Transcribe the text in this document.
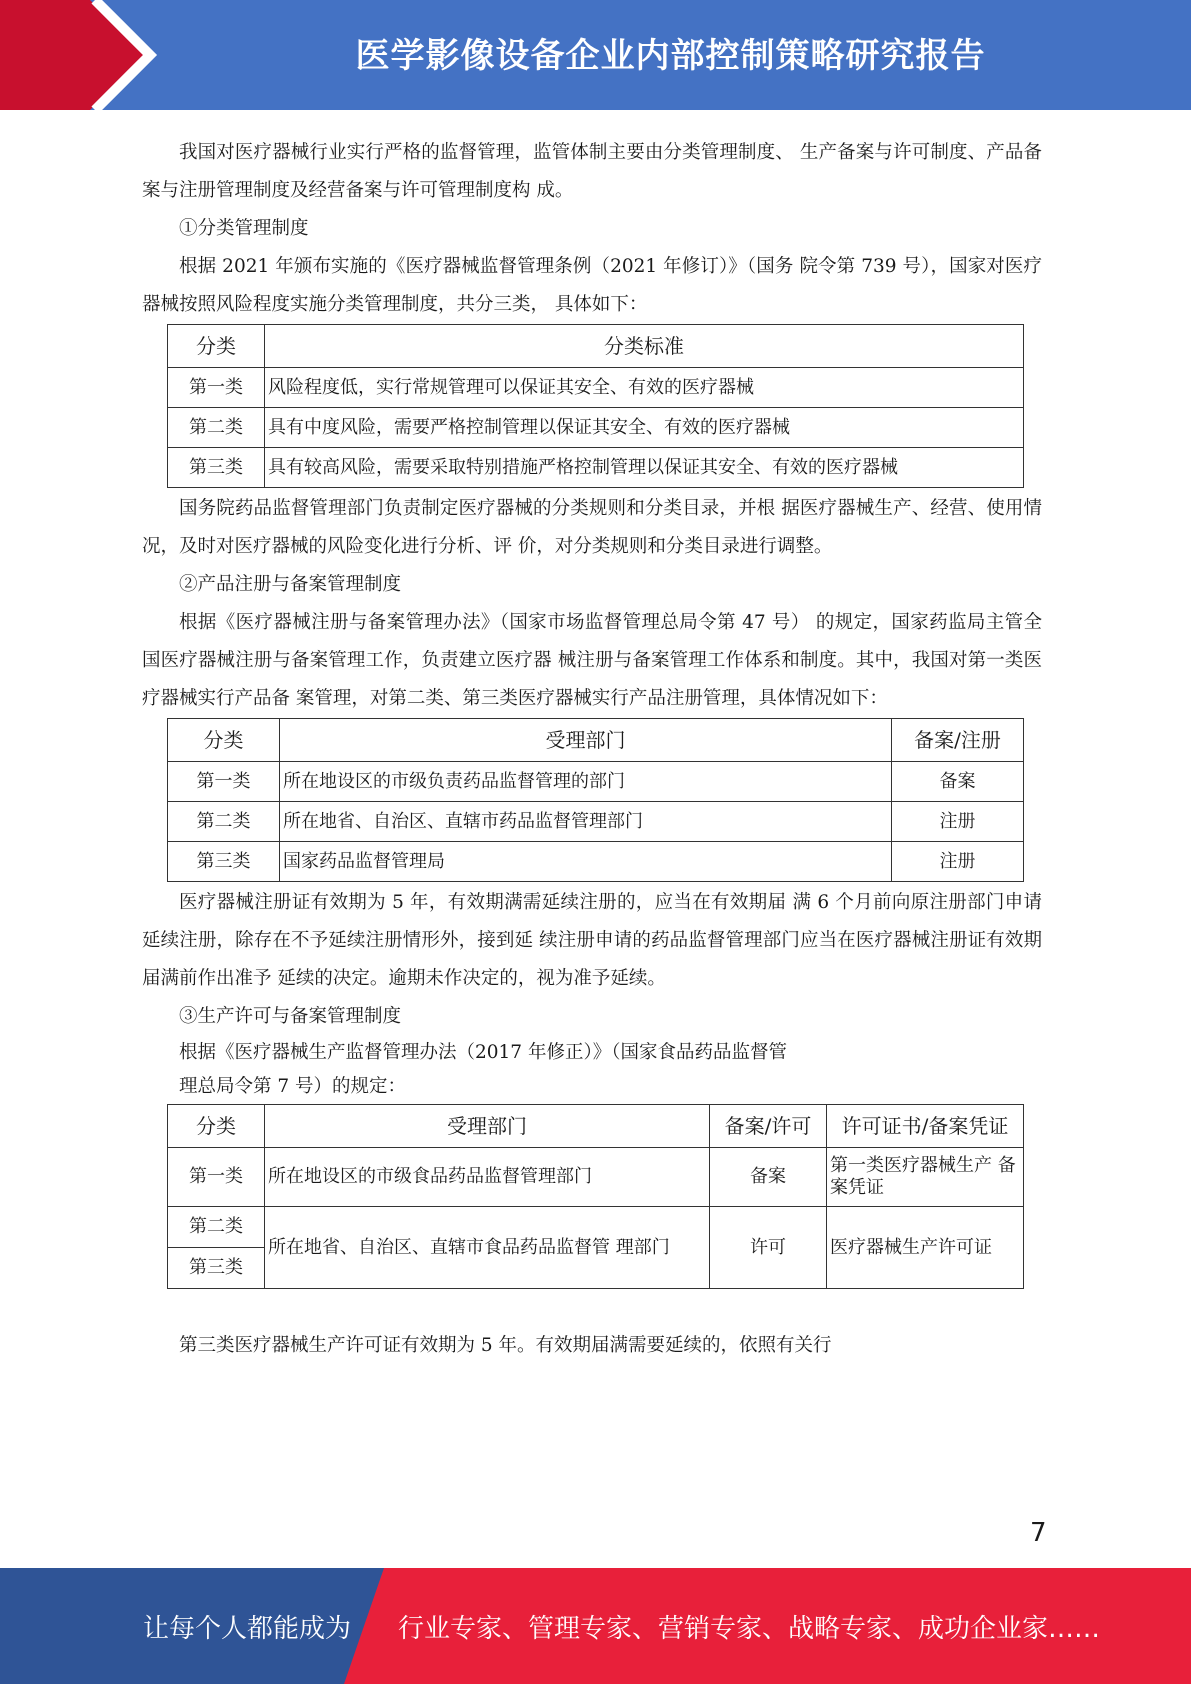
医学影像设备企业内部控制策略研究报告

我国对医疗器械行业实行严格的监督管理，监管体制主要由分类管理制度、 生产备案与许可制度、产品备案与注册管理制度及经营备案与许可管理制度构 成。

①分类管理制度

根据 2021 年颁布实施的《医疗器械监督管理条例（2021 年修订）》（国务 院令第 739 号），国家对医疗器械按照风险程度实施分类管理制度，共分三类， 具体如下：

分类	分类标准
第一类	风险程度低，实行常规管理可以保证其安全、有效的医疗器械
第二类	具有中度风险，需要严格控制管理以保证其安全、有效的医疗器械
第三类	具有较高风险，需要采取特别措施严格控制管理以保证其安全、有效的医疗器械

国务院药品监督管理部门负责制定医疗器械的分类规则和分类目录，并根 据医疗器械生产、经营、使用情况，及时对医疗器械的风险变化进行分析、评 价，对分类规则和分类目录进行调整。

②产品注册与备案管理制度

根据《医疗器械注册与备案管理办法》（国家市场监督管理总局令第 47 号） 的规定，国家药监局主管全国医疗器械注册与备案管理工作，负责建立医疗器 械注册与备案管理工作体系和制度。其中，我国对第一类医疗器械实行产品备 案管理，对第二类、第三类医疗器械实行产品注册管理，具体情况如下：

分类	受理部门	备案/注册
第一类	所在地设区的市级负责药品监督管理的部门	备案
第二类	所在地省、自治区、直辖市药品监督管理部门	注册
第三类	国家药品监督管理局	注册

医疗器械注册证有效期为 5 年，有效期满需延续注册的，应当在有效期届 满 6 个月前向原注册部门申请延续注册，除存在不予延续注册情形外，接到延 续注册申请的药品监督管理部门应当在医疗器械注册证有效期届满前作出准予 延续的决定。逾期未作决定的，视为准予延续。

③生产许可与备案管理制度

根据《医疗器械生产监督管理办法（2017 年修正）》（国家食品药品监督管

理总局令第 7 号）的规定：

分类	受理部门	备案/许可	许可证书/备案凭证
第一类	所在地设区的市级食品药品监督管理部门	备案	第一类医疗器械生产 备案凭证
第二类	所在地省、自治区、直辖市食品药品监督管 理部门	许可	医疗器械生产许可证
第三类			

第三类医疗器械生产许可证有效期为 5 年。有效期届满需要延续的，依照有关行

7
让每个人都能成为 行业专家、管理专家、营销专家、战略专家、成功企业家……
